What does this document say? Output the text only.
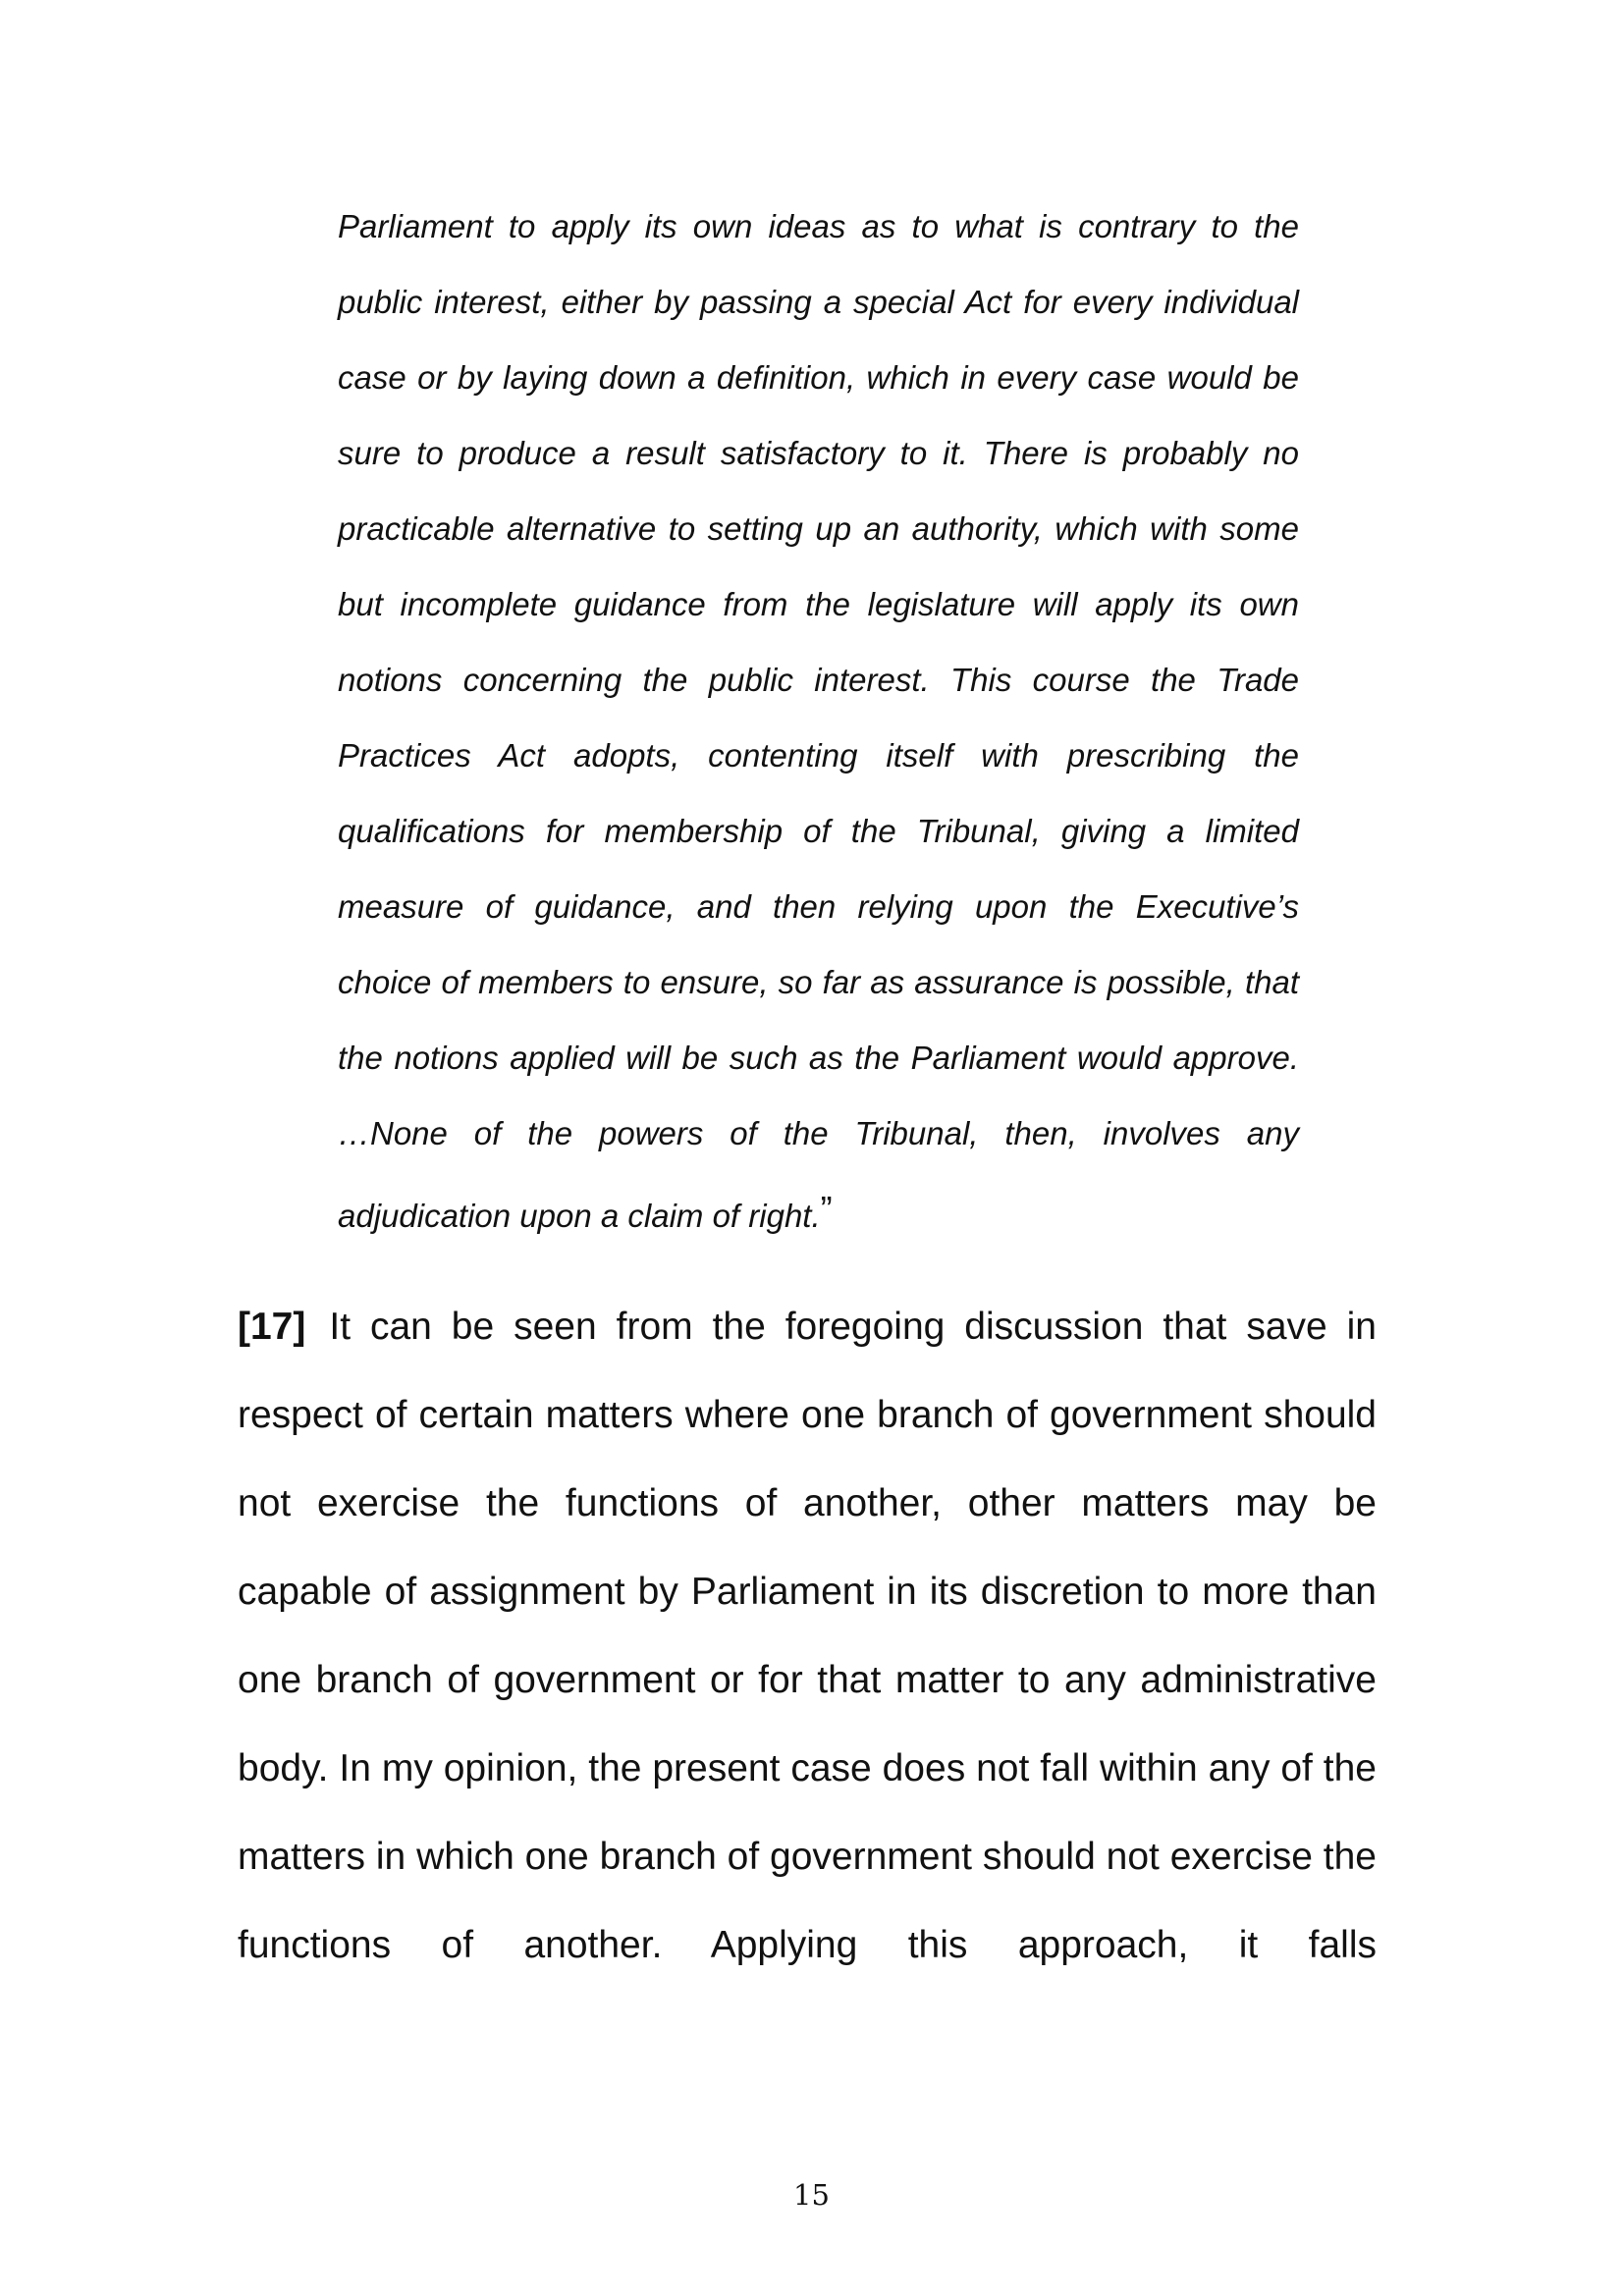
Parliament to apply its own ideas as to what is contrary to the public interest, either by passing a special Act for every individual case or by laying down a definition, which in every case would be sure to produce a result satisfactory to it. There is probably no practicable alternative to setting up an authority, which with some but incomplete guidance from the legislature will apply its own notions concerning the public interest. This course the Trade Practices Act adopts, contenting itself with prescribing the qualifications for membership of the Tribunal, giving a limited measure of guidance, and then relying upon the Executive’s choice of members to ensure, so far as assurance is possible, that the notions applied will be such as the Parliament would approve. …None of the powers of the Tribunal, then, involves any adjudication upon a claim of right.”

[17] It can be seen from the foregoing discussion that save in respect of certain matters where one branch of government should not exercise the functions of another, other matters may be capable of assignment by Parliament in its discretion to more than one branch of government or for that matter to any administrative body. In my opinion, the present case does not fall within any of the matters in which one branch of government should not exercise the functions of another. Applying this approach, it falls

15
